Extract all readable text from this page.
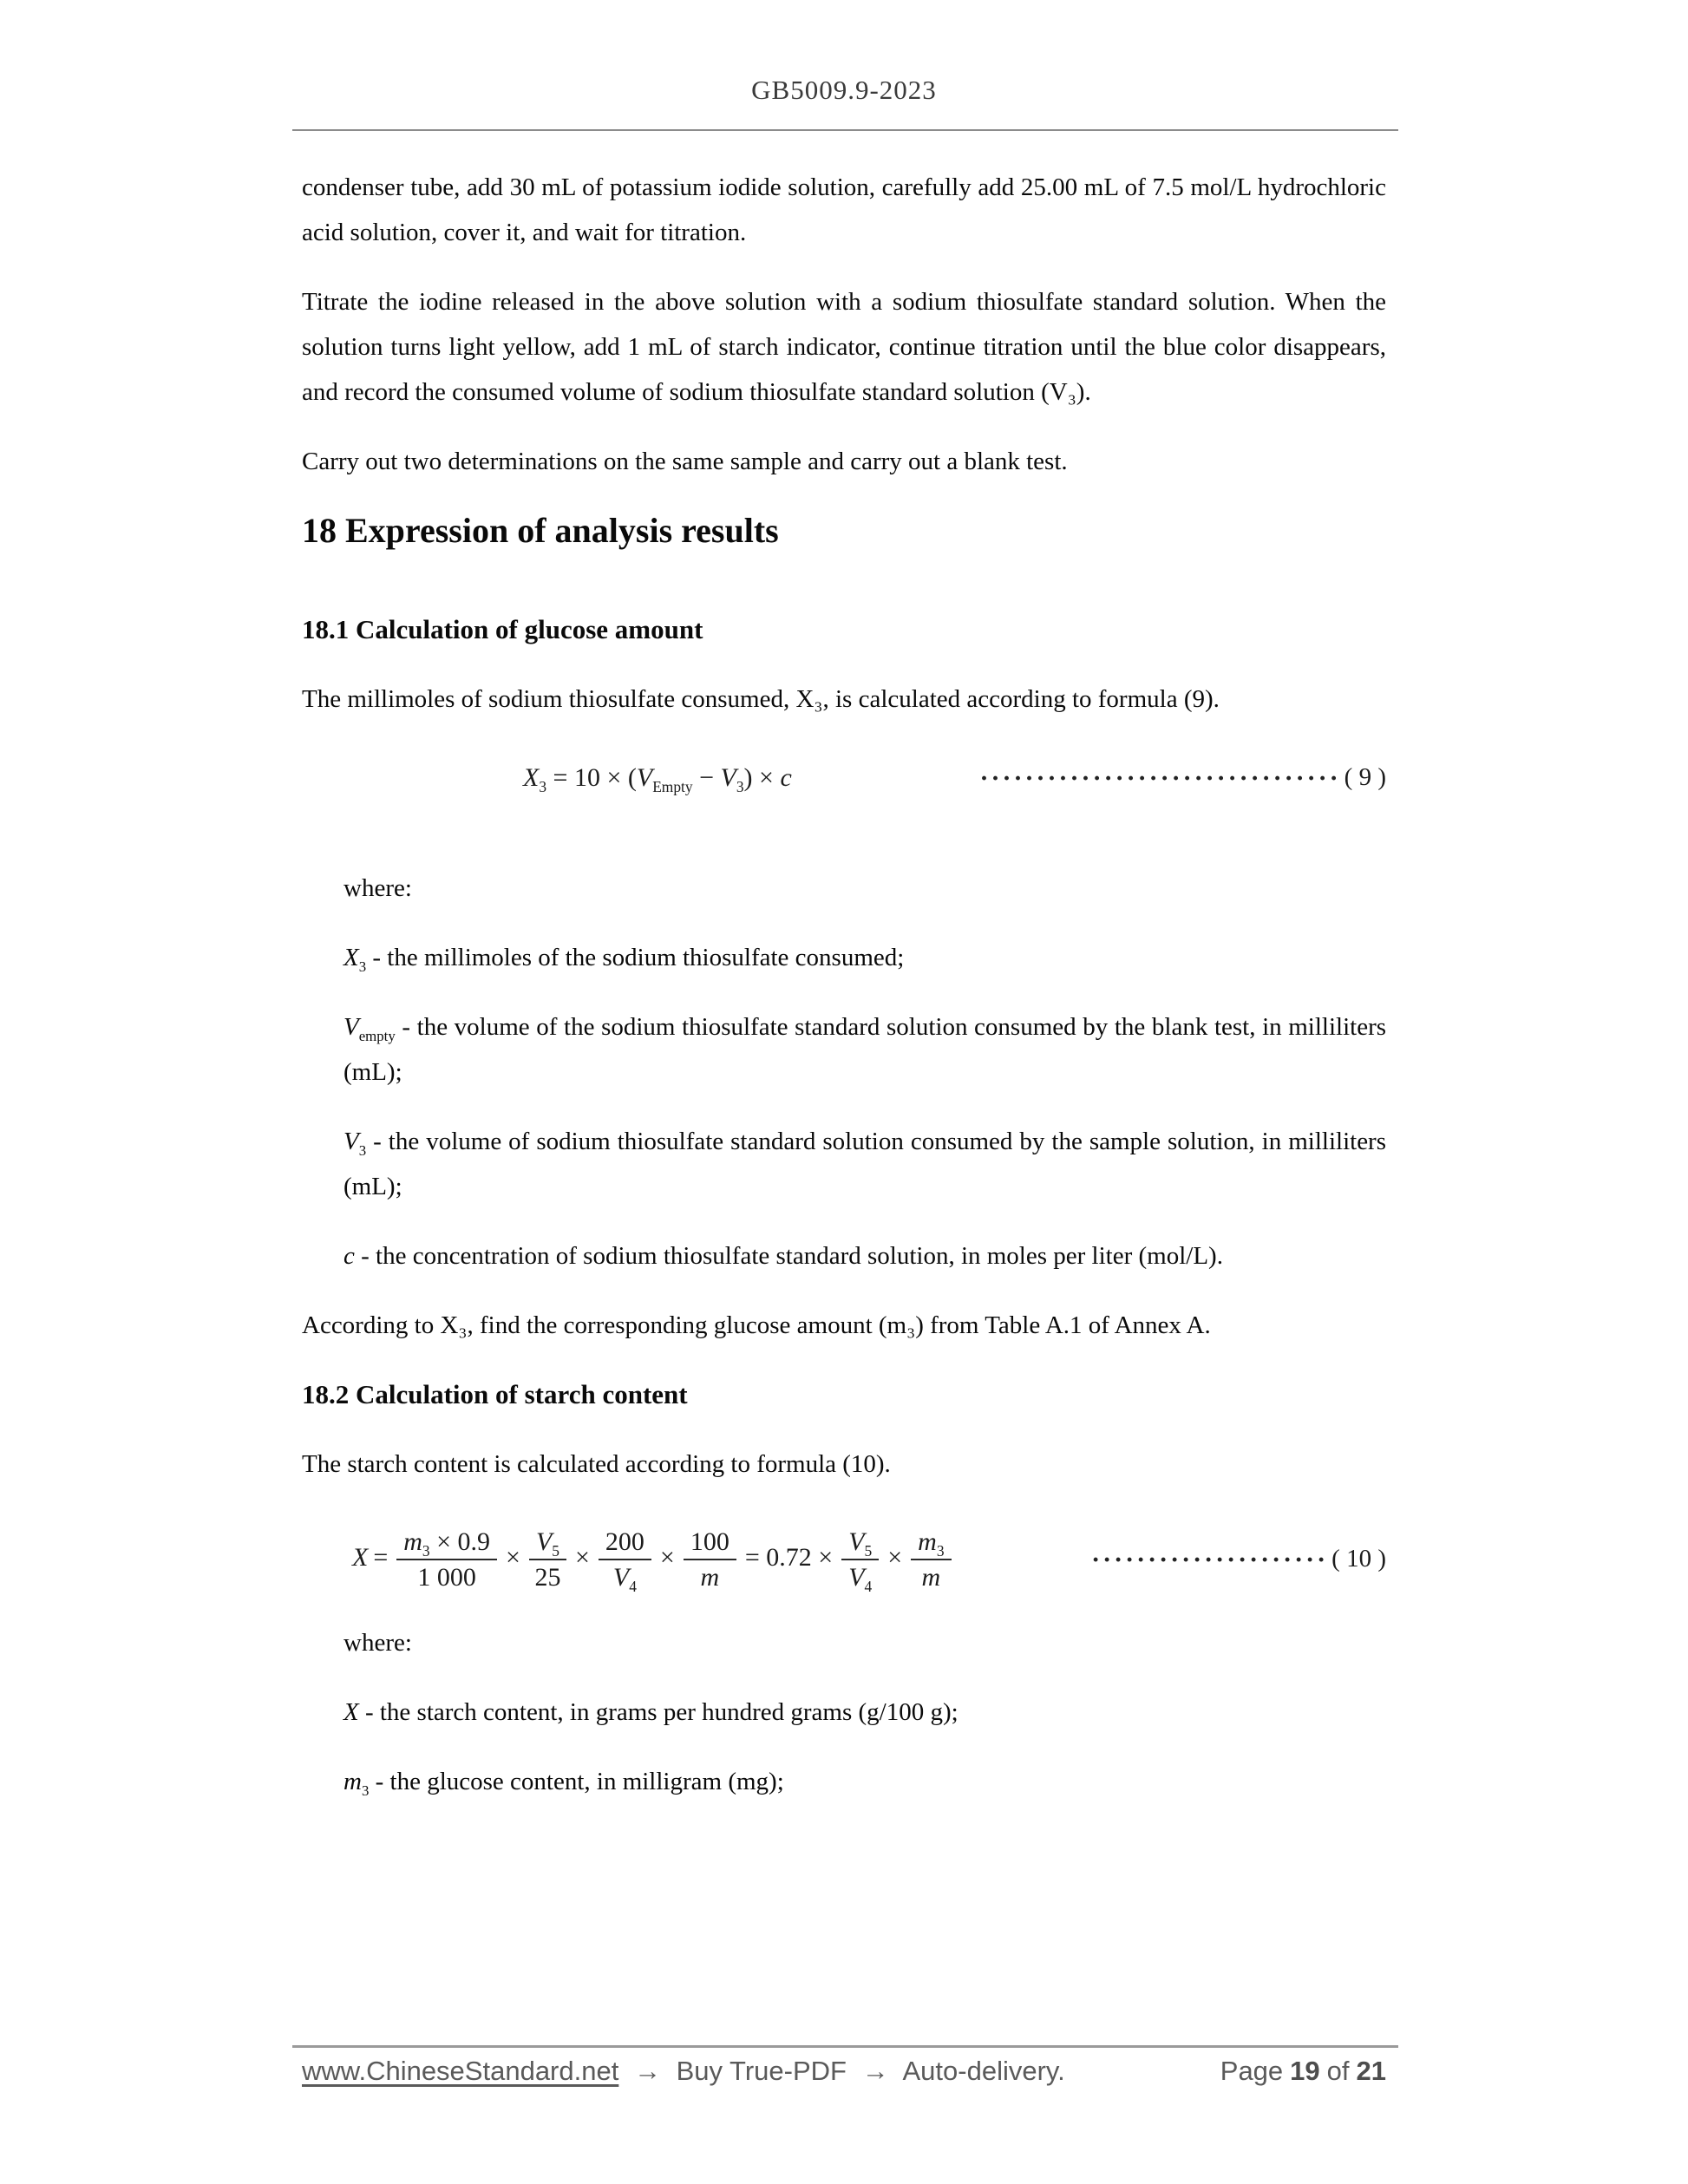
GB5009.9-2023

condenser tube, add 30 mL of potassium iodide solution, carefully add 25.00 mL of 7.5 mol/L hydrochloric acid solution, cover it, and wait for titration.

Titrate the iodine released in the above solution with a sodium thiosulfate standard solution. When the solution turns light yellow, add 1 mL of starch indicator, continue titration until the blue color disappears, and record the consumed volume of sodium thiosulfate standard solution (V₃).

Carry out two determinations on the same sample and carry out a blank test.

18 Expression of analysis results
18.1 Calculation of glucose amount

The millimoles of sodium thiosulfate consumed, X₃, is calculated according to formula (9).

$X_3 = 10 \times (V_{Empty} - V_3) \times c$	································ ( 9 )

where:

$X_3$ - the millimoles of the sodium thiosulfate consumed;

$V_{empty}$ - the volume of the sodium thiosulfate standard solution consumed by the blank test, in milliliters (mL);

$V_3$ - the volume of sodium thiosulfate standard solution consumed by the sample solution, in milliliters (mL);

c - the concentration of sodium thiosulfate standard solution, in moles per liter (mol/L).

According to X₃, find the corresponding glucose amount (m₃) from Table A.1 of Annex A.

18.2 Calculation of starch content

The starch content is calculated according to formula (10).

$X = \frac{m_3 \times 0.9}{1 000} \times \frac{V_5}{25} \times \frac{200}{V_4} \times \frac{100}{m} = 0.72 \times \frac{V_5}{V_4} \times \frac{m_3}{m}$	····················· ( 10 )

where:

X - the starch content, in grams per hundred grams (g/100 g);

$m_3$ - the glucose content, in milligram (mg);

www.ChineseStandard.net → Buy True-PDF → Auto-delivery.	Page 19 of 21
